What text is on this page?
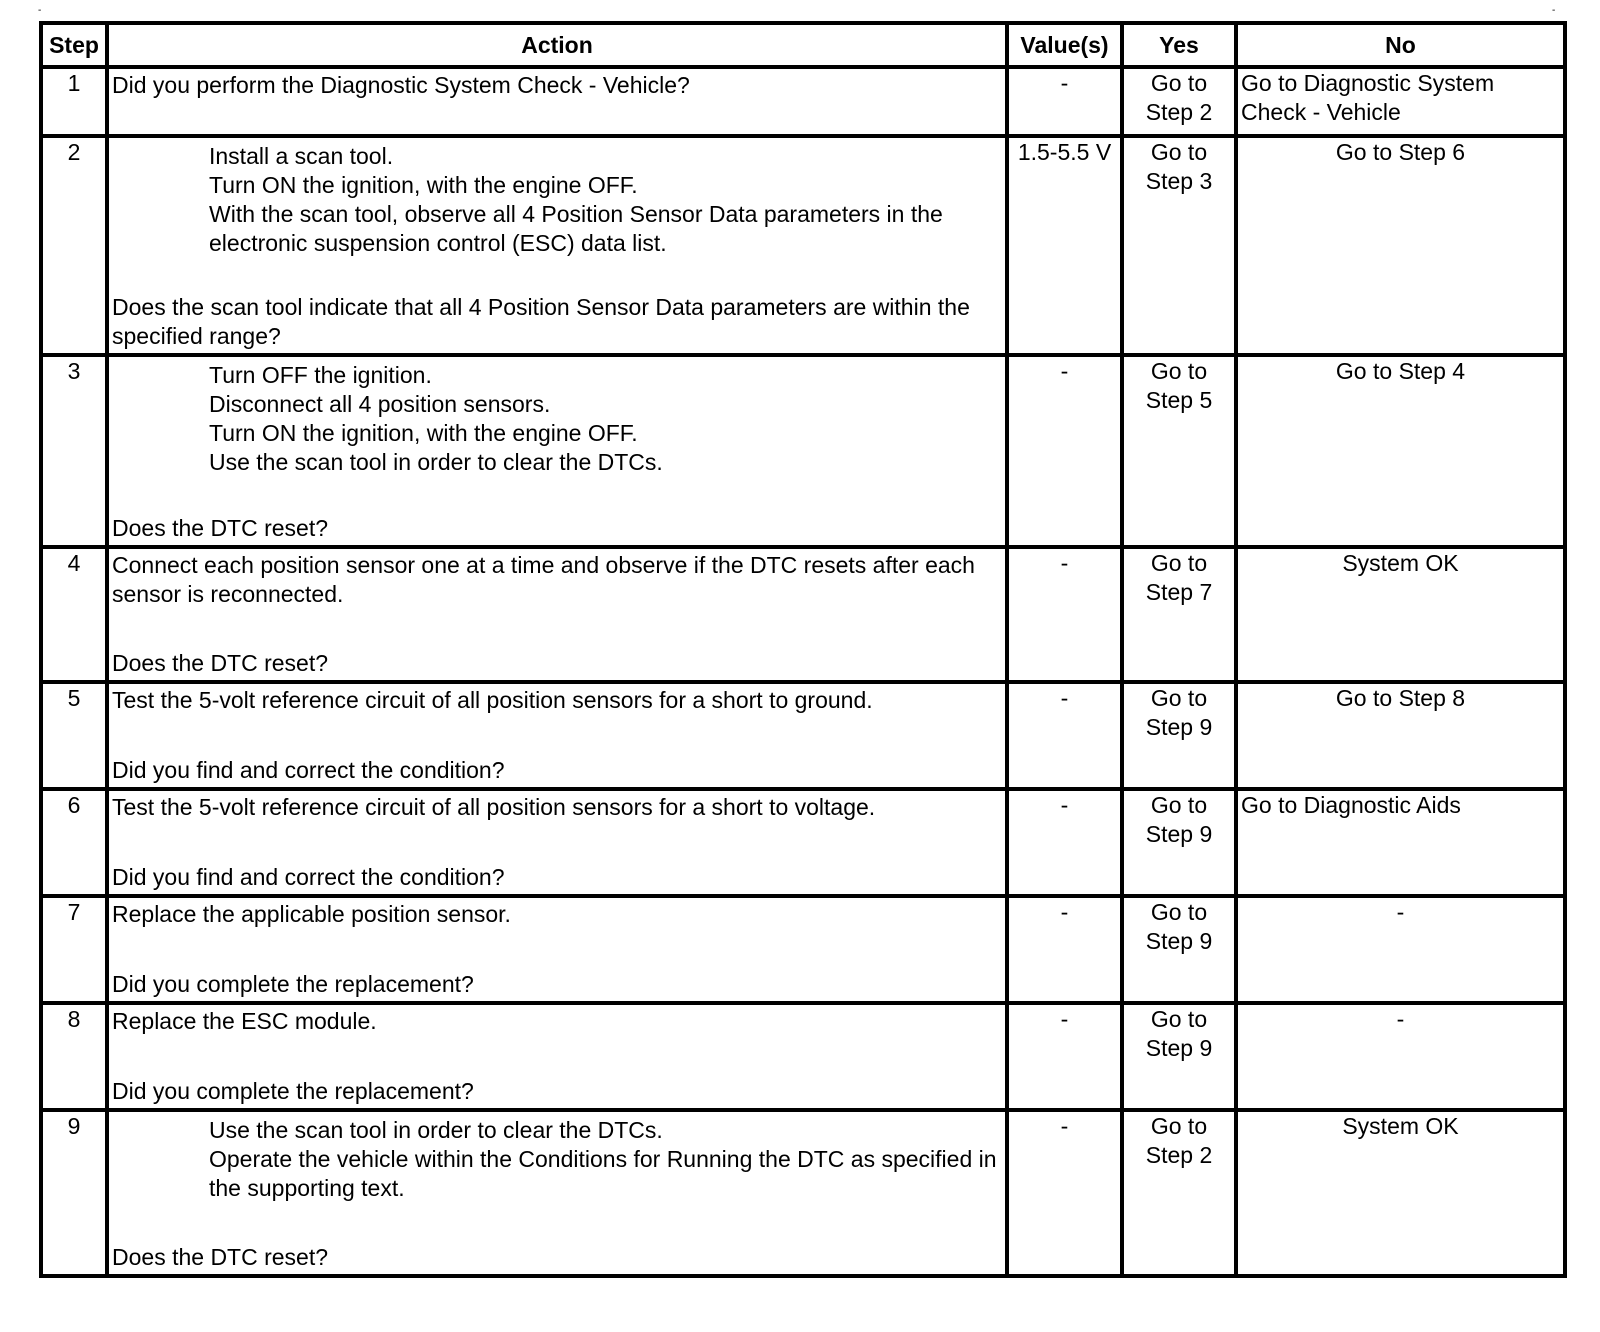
-	-
Step	Action	Value(s)	Yes	No
1	Did you perform the Diagnostic System Check - Vehicle?	-	Go to Step 2	Go to Diagnostic System Check - Vehicle
2	Install a scan tool.
Turn ON the ignition, with the engine OFF.
With the scan tool, observe all 4 Position Sensor Data parameters in the electronic suspension control (ESC) data list.
Does the scan tool indicate that all 4 Position Sensor Data parameters are within the specified range?	1.5-5.5 V	Go to Step 3	Go to Step 6
3	Turn OFF the ignition.
Disconnect all 4 position sensors.
Turn ON the ignition, with the engine OFF.
Use the scan tool in order to clear the DTCs.
Does the DTC reset?	-	Go to Step 5	Go to Step 4
4	Connect each position sensor one at a time and observe if the DTC resets after each sensor is reconnected.
Does the DTC reset?	-	Go to Step 7	System OK
5	Test the 5-volt reference circuit of all position sensors for a short to ground.
Did you find and correct the condition?	-	Go to Step 9	Go to Step 8
6	Test the 5-volt reference circuit of all position sensors for a short to voltage.
Did you find and correct the condition?	-	Go to Step 9	Go to Diagnostic Aids
7	Replace the applicable position sensor.
Did you complete the replacement?	-	Go to Step 9	-
8	Replace the ESC module.
Did you complete the replacement?	-	Go to Step 9	-
9	Use the scan tool in order to clear the DTCs.
Operate the vehicle within the Conditions for Running the DTC as specified in the supporting text.
Does the DTC reset?	-	Go to Step 2	System OK
